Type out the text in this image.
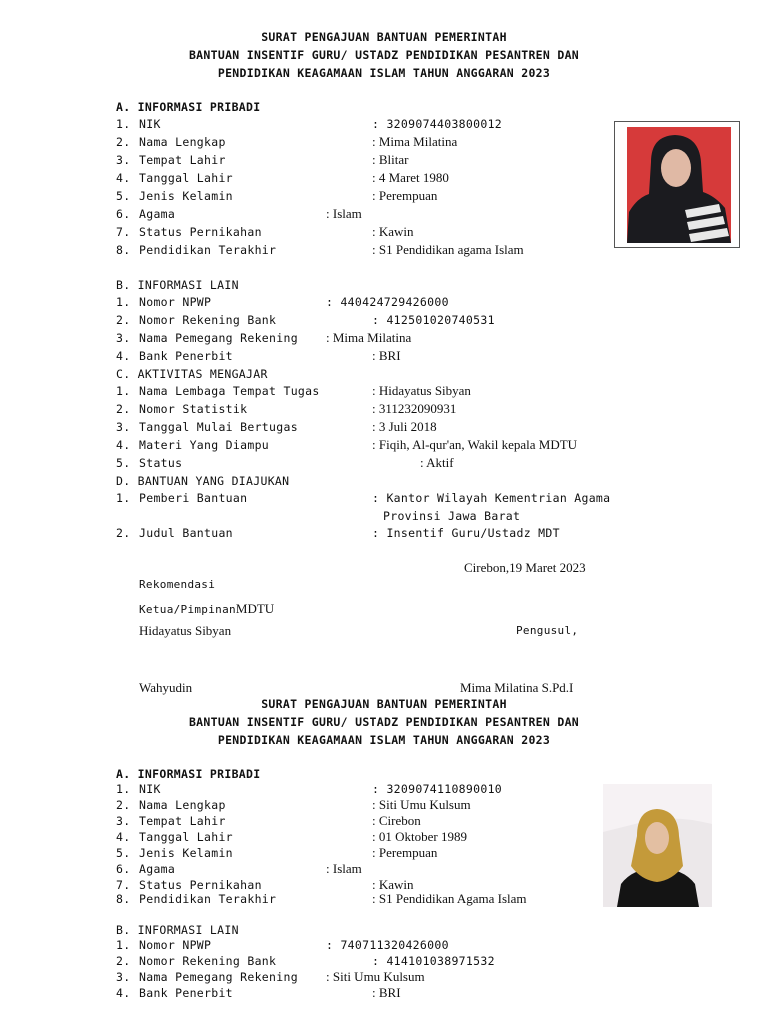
SURAT PENGAJUAN BANTUAN PEMERINTAH
BANTUAN INSENTIF GURU/ USTADZ PENDIDIKAN PESANTREN DAN
PENDIDIKAN KEAGAMAAN ISLAM TAHUN ANGGARAN 2023
A. INFORMASI PRIBADI
1. NIK	: 3209074403800012
2. Nama Lengkap	: Mima Milatina
3. Tempat Lahir	: Blitar
4. Tanggal Lahir	: 4 Maret 1980
5. Jenis Kelamin	: Perempuan
6. Agama	: Islam
7. Status Pernikahan	: Kawin
8. Pendidikan Terakhir	: S1 Pendidikan agama Islam
B. INFORMASI LAIN
1. Nomor NPWP	: 440424729426000
2. Nomor Rekening Bank	: 412501020740531
3. Nama Pemegang Rekening : Mima Milatina
4. Bank Penerbit	: BRI
C. AKTIVITAS MENGAJAR
1. Nama Lembaga Tempat Tugas	: Hidayatus Sibyan
2. Nomor Statistik	: 311232090931
3. Tanggal Mulai Bertugas	: 3 Juli 2018
4. Materi Yang Diampu	: Fiqih, Al-qur'an, Wakil kepala MDTU
5. Status	: Aktif
D. BANTUAN YANG DIAJUKAN
1. Pemberi Bantuan	: Kantor Wilayah Kementrian Agama
Provinsi Jawa Barat
2. Judul Bantuan	: Insentif Guru/Ustadz MDT
Cirebon,19 Maret 2023
Rekomendasi
Ketua/PimpinanMDTU
Hidayatus Sibyan	Pengusul,
Wahyudin	Mima Milatina S.Pd.I
SURAT PENGAJUAN BANTUAN PEMERINTAH
BANTUAN INSENTIF GURU/ USTADZ PENDIDIKAN PESANTREN DAN
PENDIDIKAN KEAGAMAAN ISLAM TAHUN ANGGARAN 2023
A. INFORMASI PRIBADI
1. NIK	: 3209074110890010
2. Nama Lengkap	: Siti Umu Kulsum
3. Tempat Lahir	: Cirebon
4. Tanggal Lahir	: 01 Oktober 1989
5. Jenis Kelamin	: Perempuan
6. Agama	: Islam
7. Status Pernikahan	: Kawin
8. Pendidikan Terakhir	: S1 Pendidikan Agama Islam
B. INFORMASI LAIN
1. Nomor NPWP	: 740711320426000
2. Nomor Rekening Bank	: 414101038971532
3. Nama Pemegang Rekening : Siti Umu Kulsum
4. Bank Penerbit	: BRI
